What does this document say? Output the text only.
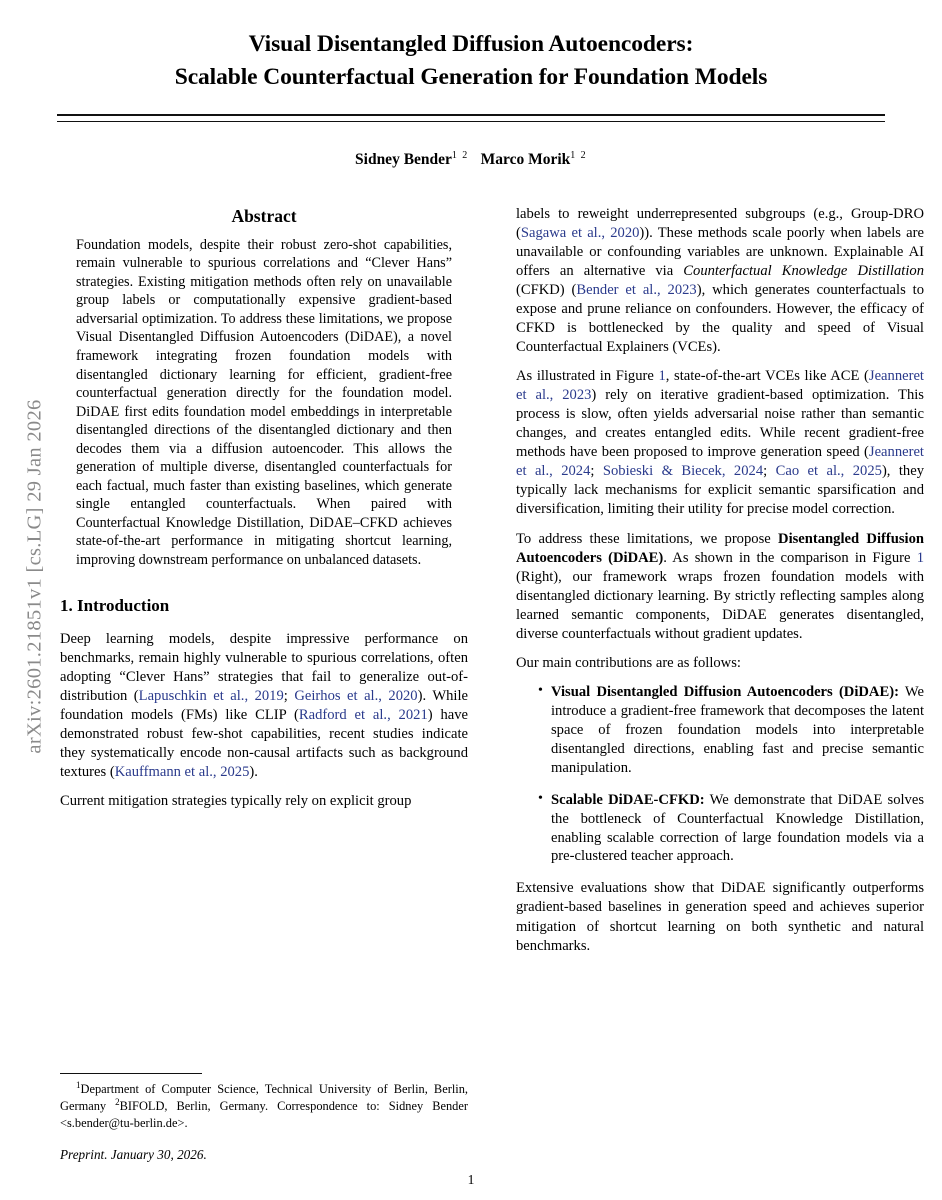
arXiv:2601.21851v1 [cs.LG] 29 Jan 2026
Visual Disentangled Diffusion Autoencoders:
Scalable Counterfactual Generation for Foundation Models
Sidney Bender$^{1 2}$ Marco Morik$^{1 2}$
Abstract
Foundation models, despite their robust zero-shot capabilities, remain vulnerable to spurious correlations and “Clever Hans” strategies. Existing mitigation methods often rely on unavailable group labels or computationally expensive gradient-based adversarial optimization. To address these limitations, we propose Visual Disentangled Diffusion Autoencoders (DiDAE), a novel framework integrating frozen foundation models with disentangled dictionary learning for efficient, gradient-free counterfactual generation directly for the foundation model. DiDAE first edits foundation model embeddings in interpretable disentangled directions of the disentangled dictionary and then decodes them via a diffusion autoencoder. This allows the generation of multiple diverse, disentangled counterfactuals for each factual, much faster than existing baselines, which generate single entangled counterfactuals. When paired with Counterfactual Knowledge Distillation, DiDAE–CFKD achieves state-of-the-art performance in mitigating shortcut learning, improving downstream performance on unbalanced datasets.
1. Introduction

Deep learning models, despite impressive performance on benchmarks, remain highly vulnerable to spurious correlations, often adopting “Clever Hans” strategies that fail to generalize out-of-distribution (Lapuschkin et al., 2019; Geirhos et al., 2020). While foundation models (FMs) like CLIP (Radford et al., 2021) have demonstrated robust few-shot capabilities, recent studies indicate they systematically encode non-causal artifacts such as background textures (Kauffmann et al., 2025).

Current mitigation strategies typically rely on explicit group

labels to reweight underrepresented subgroups (e.g., Group-DRO (Sagawa et al., 2020)). These methods scale poorly when labels are unavailable or confounding variables are unknown. Explainable AI offers an alternative via Counterfactual Knowledge Distillation (CFKD) (Bender et al., 2023), which generates counterfactuals to expose and prune reliance on confounders. However, the efficacy of CFKD is bottlenecked by the quality and speed of Visual Counterfactual Explainers (VCEs).

As illustrated in Figure 1, state-of-the-art VCEs like ACE (Jeanneret et al., 2023) rely on iterative gradient-based optimization. This process is slow, often yields adversarial noise rather than semantic changes, and creates entangled edits. While recent gradient-free methods have been proposed to improve generation speed (Jeanneret et al., 2024; Sobieski & Biecek, 2024; Cao et al., 2025), they typically lack mechanisms for explicit semantic sparsification and diversification, limiting their utility for precise model correction.

To address these limitations, we propose Disentangled Diffusion Autoencoders (DiDAE). As shown in the comparison in Figure 1 (Right), our framework wraps frozen foundation models with disentangled dictionary learning. By strictly reflecting samples along learned semantic components, DiDAE generates disentangled, diverse counterfactuals without gradient updates.

Our main contributions are as follows:

• Visual Disentangled Diffusion Autoencoders (DiDAE): We introduce a gradient-free framework that decomposes the latent space of frozen foundation models into interpretable disentangled directions, enabling fast and precise semantic manipulation.
• Scalable DiDAE-CFKD: We demonstrate that DiDAE solves the bottleneck of Counterfactual Knowledge Distillation, enabling scalable correction of large foundation models via a pre-clustered teacher approach.

Extensive evaluations show that DiDAE significantly outperforms gradient-based baselines in generation speed and achieves superior mitigation of shortcut learning on both synthetic and natural benchmarks.

$^1$Department of Computer Science, Technical University of Berlin, Berlin, Germany $^2$BIFOLD, Berlin, Germany. Correspondence to: Sidney Bender <s.bender@tu-berlin.de>.
Preprint. January 30, 2026.
1
